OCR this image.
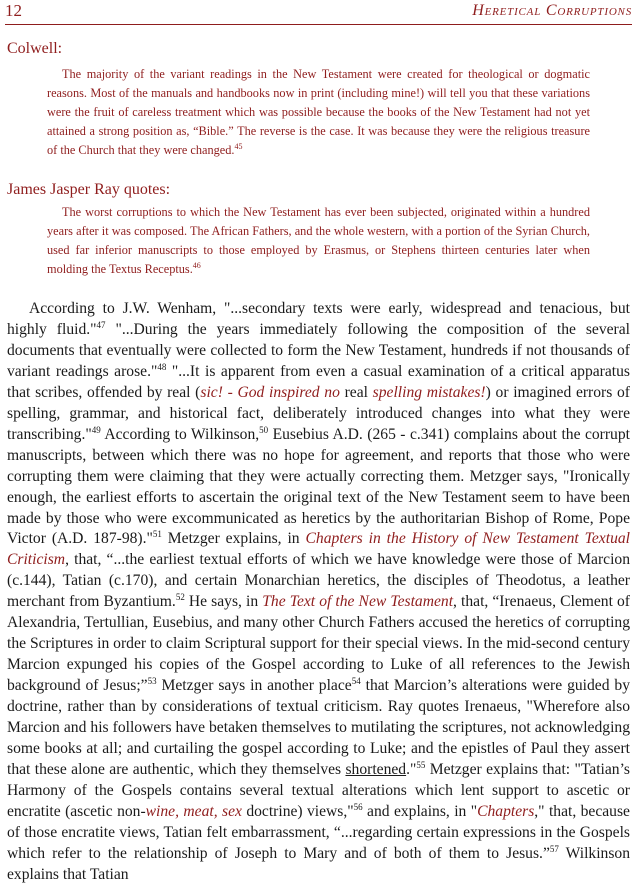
12	Heretical Corruptions
Colwell:

The majority of the variant readings in the New Testament were created for theological or dogmatic reasons. Most of the manuals and handbooks now in print (including mine!) will tell you that these variations were the fruit of careless treatment which was possible because the books of the New Testament had not yet attained a strong position as, “Bible.” The reverse is the case. It was because they were the religious treasure of the Church that they were changed.$^{45}$

James Jasper Ray quotes:

The worst corruptions to which the New Testament has ever been subjected, originated within a hundred years after it was composed. The African Fathers, and the whole western, with a portion of the Syrian Church, used far inferior manuscripts to those employed by Erasmus, or Stephens thirteen centuries later when molding the Textus Receptus.$^{46}$

According to J.W. Wenham, "...secondary texts were early, widespread and tenacious, but highly fluid."$^{47}$ "...During the years immediately following the composition of the several documents that eventually were collected to form the New Testament, hundreds if not thousands of variant readings arose."$^{48}$ "...It is apparent from even a casual examination of a critical apparatus that scribes, offended by real (sic! - God inspired no real spelling mistakes!) or imagined errors of spelling, grammar, and historical fact, deliberately introduced changes into what they were transcribing."$^{49}$ According to Wilkinson,$^{50}$ Eusebius A.D. (265 - c.341) complains about the corrupt manuscripts, between which there was no hope for agreement, and reports that those who were corrupting them were claiming that they were actually correcting them. Metzger says, "Ironically enough, the earliest efforts to ascertain the original text of the New Testament seem to have been made by those who were excommunicated as heretics by the authoritarian Bishop of Rome, Pope Victor (A.D. 187-98)."$^{51}$ Metzger explains, in Chapters in the History of New Testament Textual Criticism, that, “...the earliest textual efforts of which we have knowledge were those of Marcion (c.144), Tatian (c.170), and certain Monarchian heretics, the disciples of Theodotus, a leather merchant from Byzantium.$^{52}$ He says, in The Text of the New Testament, that, “Irenaeus, Clement of Alexandria, Tertullian, Eusebius, and many other Church Fathers accused the heretics of corrupting the Scriptures in order to claim Scriptural support for their special views. In the mid-second century Marcion expunged his copies of the Gospel according to Luke of all references to the Jewish background of Jesus;”$^{53}$ Metzger says in another place$^{54}$ that Marcion’s alterations were guided by doctrine, rather than by considerations of textual criticism. Ray quotes Irenaeus, "Wherefore also Marcion and his followers have betaken themselves to mutilating the scriptures, not acknowledging some books at all; and curtailing the gospel according to Luke; and the epistles of Paul they assert that these alone are authentic, which they themselves shortened."$^{55}$ Metzger explains that: "Tatian’s Harmony of the Gospels contains several textual alterations which lent support to ascetic or encratite (ascetic non-wine, meat, sex doctrine) views,"$^{56}$ and explains, in "Chapters," that, because of those encratite views, Tatian felt embarrassment, “...regarding certain expressions in the Gospels which refer to the relationship of Joseph to Mary and of both of them to Jesus.”$^{57}$ Wilkinson explains that Tatian
